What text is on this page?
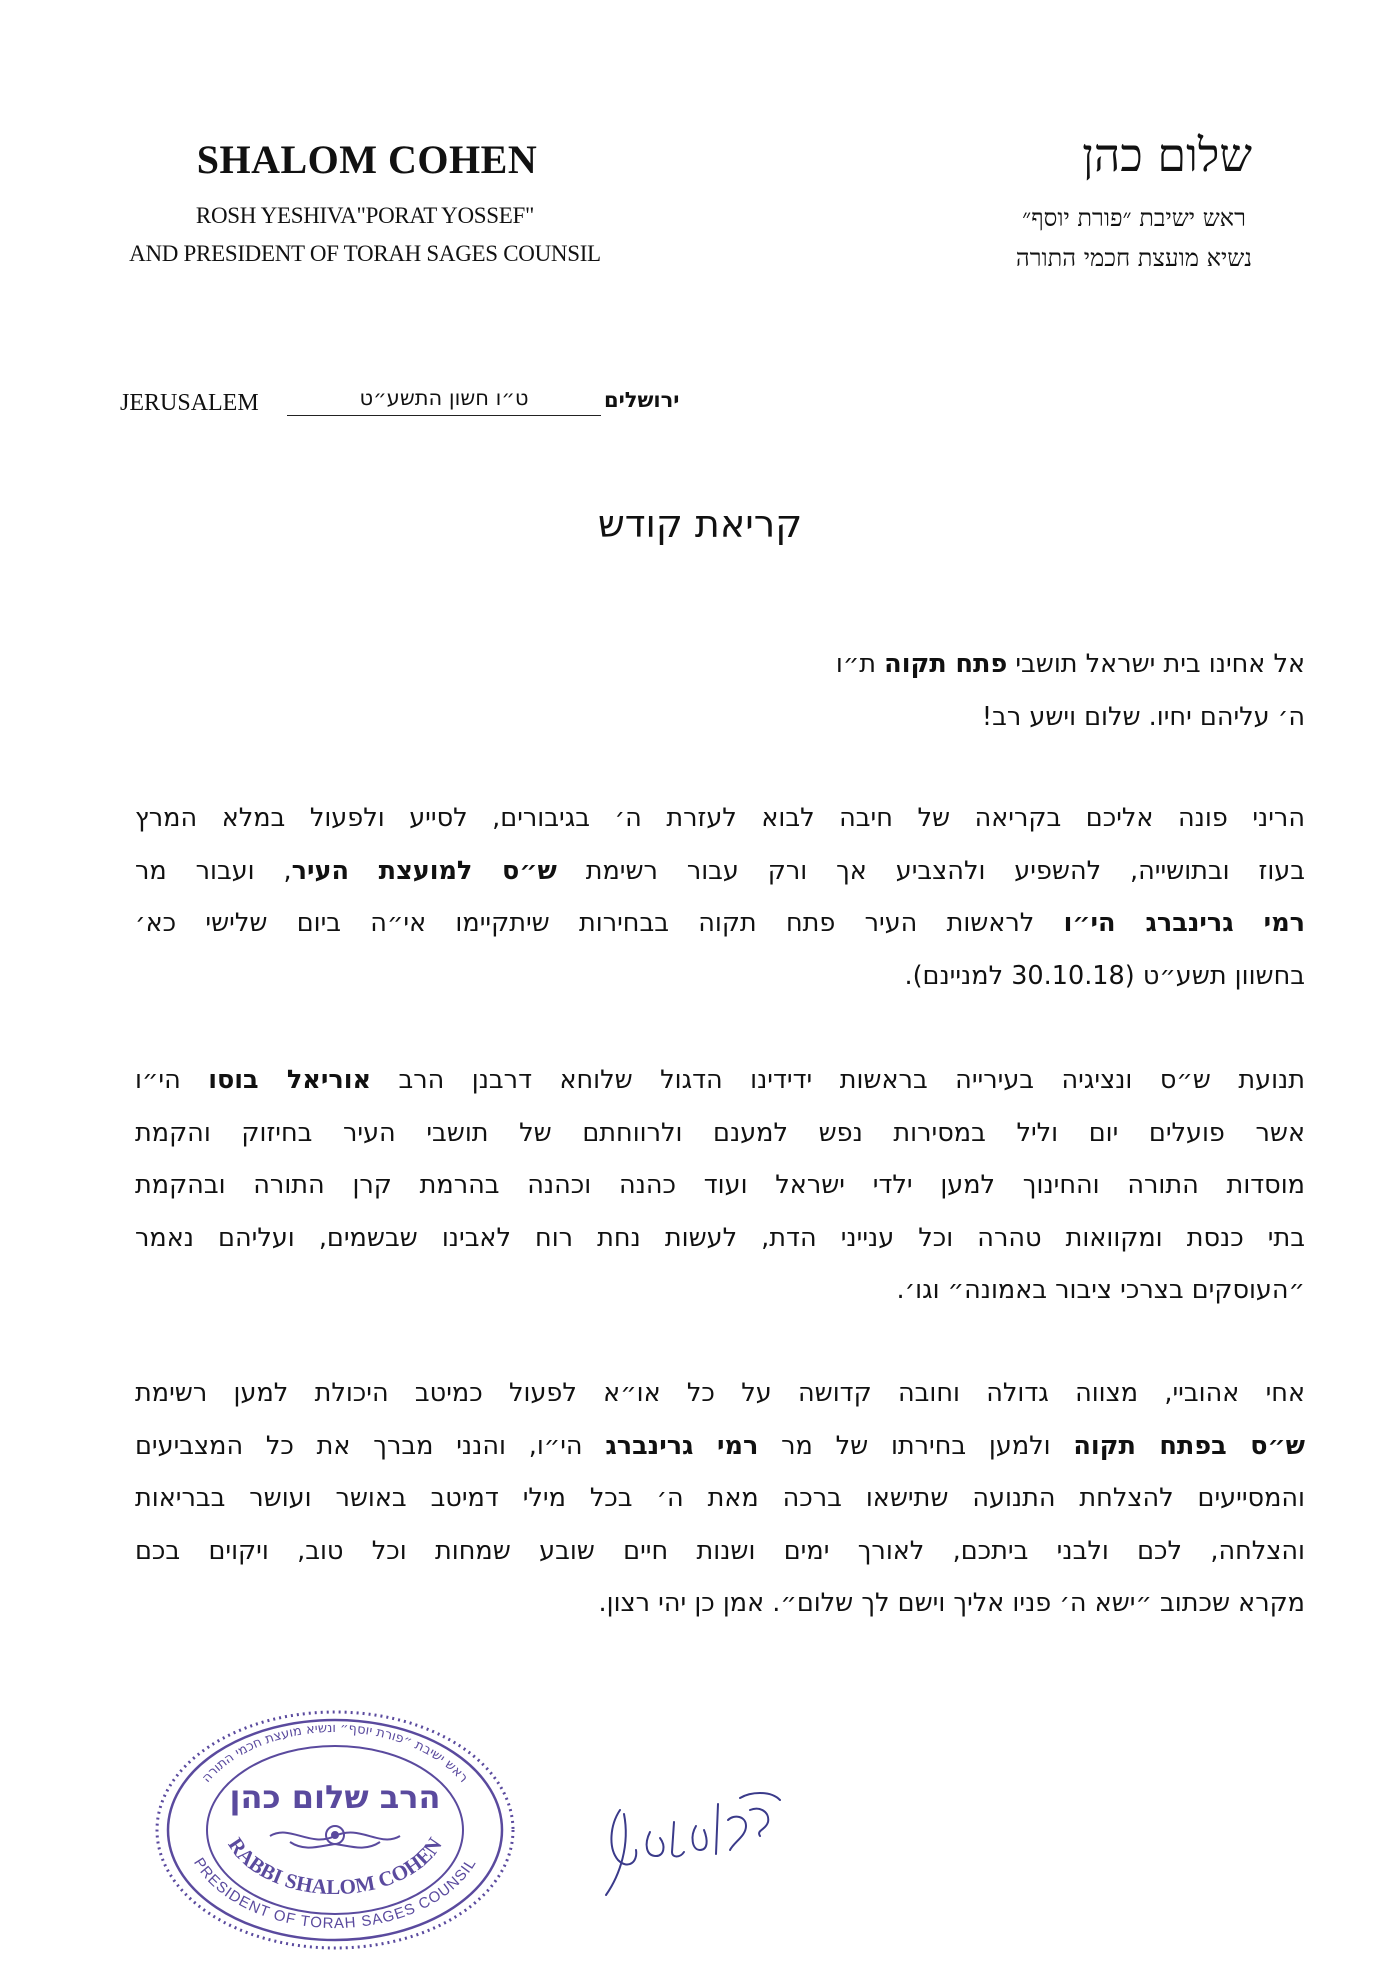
SHALOM COHEN
ROSH YESHIVA"PORAT YOSSEF"
AND PRESIDENT OF TORAH SAGES COUNSIL
שלום כהן
ראש ישיבת ״פורת יוסף״
נשיא מועצת חכמי התורה
JERUSALEM	ט״ו חשון התשע״ט	ירושלים
קריאת קודש
אל אחינו בית ישראל תושבי פתח תקוה ת״ו
ה׳ עליהם יחיו. שלום וישע רב!
הריני פונה אליכם בקריאה של חיבה לבוא לעזרת ה׳ בגיבורים, לסייע ולפעול במלא המרץ
בעוז ובתושייה, להשפיע ולהצביע אך ורק עבור רשימת ש״ס למועצת העיר, ועבור מר
רמי גרינברג הי״ו לראשות העיר פתח תקוה בבחירות שיתקיימו אי״ה ביום שלישי כא׳
בחשוון תשע״ט (30.10.18 למניינם).
תנועת ש״ס ונציגיה בעירייה בראשות ידידינו הדגול שלוחא דרבנן הרב אוריאל בוסו הי״ו
אשר פועלים יום וליל במסירות נפש למענם ולרווחתם של תושבי העיר בחיזוק והקמת
מוסדות התורה והחינוך למען ילדי ישראל ועוד כהנה וכהנה בהרמת קרן התורה ובהקמת
בתי כנסת ומקוואות טהרה וכל ענייני הדת, לעשות נחת רוח לאבינו שבשמים, ועליהם נאמר
״העוסקים בצרכי ציבור באמונה״ וגו׳.
אחי אהוביי, מצווה גדולה וחובה קדושה על כל או״א לפעול כמיטב היכולת למען רשימת
ש״ס בפתח תקוה ולמען בחירתו של מר רמי גרינברג הי״ו, והנני מברך את כל המצביעים
והמסייעים להצלחת התנועה שתישאו ברכה מאת ה׳ בכל מילי דמיטב באושר ועושר בבריאות
והצלחה, לכם ולבני ביתכם, לאורך ימים ושנות חיים שובע שמחות וכל טוב, ויקוים בכם
מקרא שכתוב ״ישא ה׳ פניו אליך וישם לך שלום״. אמן כן יהי רצון.
ראש ישיבת ״פורת יוסף״ ונשיא מועצת חכמי התורה
הרב שלום כהן
RABBI SHALOM COHEN
PRESIDENT OF TORAH SAGES COUNSIL
